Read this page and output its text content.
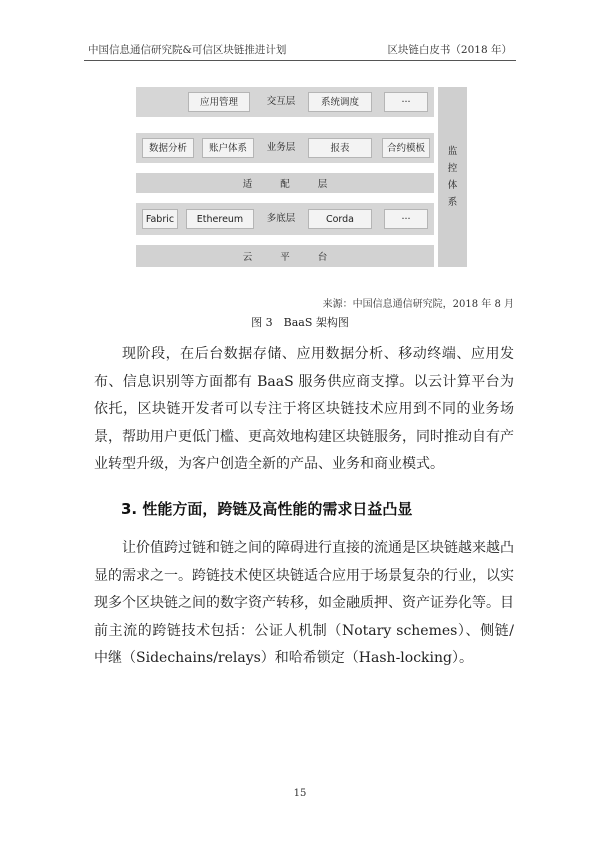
中国信息通信研究院&可信区块链推进计划	区块链白皮书（2018 年）
应用管理	交互层	系统调度	···
数据分析	账户体系	业务层	报表	合约模板
适配层
Fabric	Ethereum	多底层	Corda	···
云平台
监
控
体
系
来源：中国信息通信研究院，2018 年 8 月
图 3　BaaS 架构图
现阶段，在后台数据存储、应用数据分析、移动终端、应用发布、信息识别等方面都有 BaaS 服务供应商支撑。以云计算平台为依托，区块链开发者可以专注于将区块链技术应用到不同的业务场景，帮助用户更低门槛、更高效地构建区块链服务，同时推动自有产业转型升级，为客户创造全新的产品、业务和商业模式。
3. 性能方面，跨链及高性能的需求日益凸显
让价值跨过链和链之间的障碍进行直接的流通是区块链越来越凸显的需求之一。跨链技术使区块链适合应用于场景复杂的行业，以实现多个区块链之间的数字资产转移，如金融质押、资产证券化等。目前主流的跨链技术包括：公证人机制（Notary schemes）、侧链/中继（Sidechains/relays）和哈希锁定（Hash-locking）。
15
